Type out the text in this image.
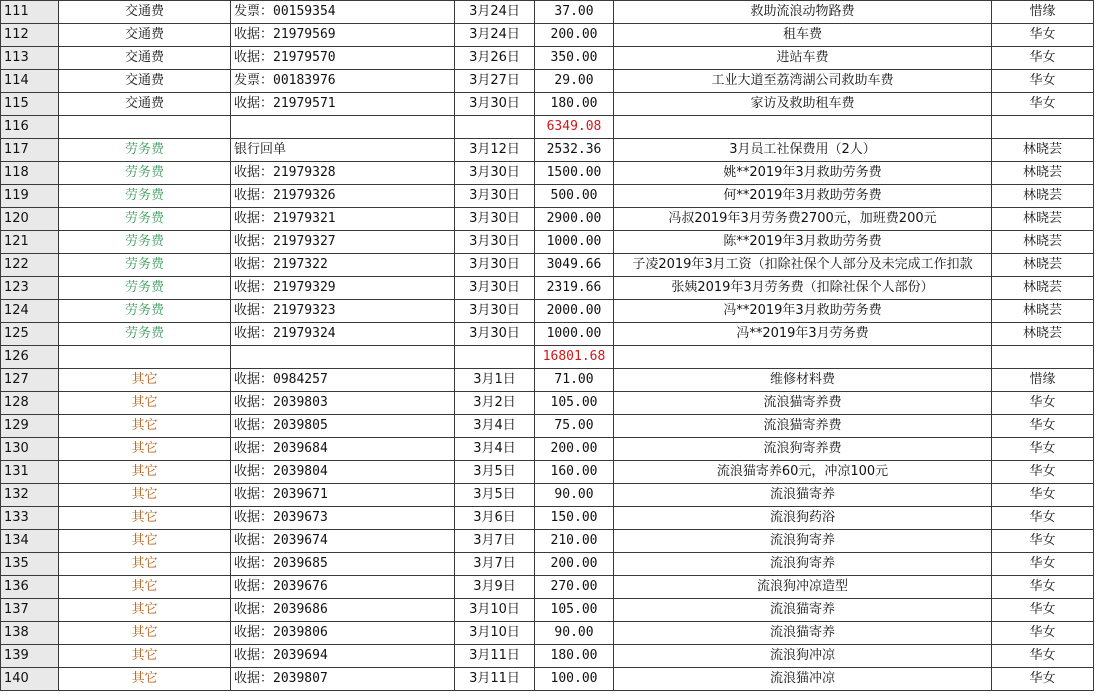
111	交通费	发票：00159354	3月24日	37.00	救助流浪动物路费	惜缘
112	交通费	收据：21979569	3月24日	200.00	租车费	华女
113	交通费	收据：21979570	3月26日	350.00	进站车费	华女
114	交通费	发票：00183976	3月27日	29.00	工业大道至荔湾湖公司救助车费	华女
115	交通费	收据：21979571	3月30日	180.00	家访及救助租车费	华女
116				6349.08		
117	劳务费	银行回单	3月12日	2532.36	3月员工社保费用（2人）	林晓芸
118	劳务费	收据：21979328	3月30日	1500.00	姚**2019年3月救助劳务费	林晓芸
119	劳务费	收据：21979326	3月30日	500.00	何**2019年3月救助劳务费	林晓芸
120	劳务费	收据：21979321	3月30日	2900.00	冯叔2019年3月劳务费2700元，加班费200元	林晓芸
121	劳务费	收据：21979327	3月30日	1000.00	陈**2019年3月救助劳务费	林晓芸
122	劳务费	收据：2197322	3月30日	3049.66	子凌2019年3月工资（扣除社保个人部分及未完成工作扣款	林晓芸
123	劳务费	收据：21979329	3月30日	2319.66	张姨2019年3月劳务费（扣除社保个人部份）	林晓芸
124	劳务费	收据：21979323	3月30日	2000.00	冯**2019年3月救助劳务费	林晓芸
125	劳务费	收据：21979324	3月30日	1000.00	冯**2019年3月劳务费	林晓芸
126				16801.68		
127	其它	收据：0984257	3月1日	71.00	维修材料费	惜缘
128	其它	收据：2039803	3月2日	105.00	流浪猫寄养费	华女
129	其它	收据：2039805	3月4日	75.00	流浪猫寄养费	华女
130	其它	收据：2039684	3月4日	200.00	流浪狗寄养费	华女
131	其它	收据：2039804	3月5日	160.00	流浪猫寄养60元，冲凉100元	华女
132	其它	收据：2039671	3月5日	90.00	流浪猫寄养	华女
133	其它	收据：2039673	3月6日	150.00	流浪狗药浴	华女
134	其它	收据：2039674	3月7日	210.00	流浪狗寄养	华女
135	其它	收据：2039685	3月7日	200.00	流浪狗寄养	华女
136	其它	收据：2039676	3月9日	270.00	流浪狗冲凉造型	华女
137	其它	收据：2039686	3月10日	105.00	流浪猫寄养	华女
138	其它	收据：2039806	3月10日	90.00	流浪猫寄养	华女
139	其它	收据：2039694	3月11日	180.00	流浪狗冲凉	华女
140	其它	收据：2039807	3月11日	100.00	流浪猫冲凉	华女
